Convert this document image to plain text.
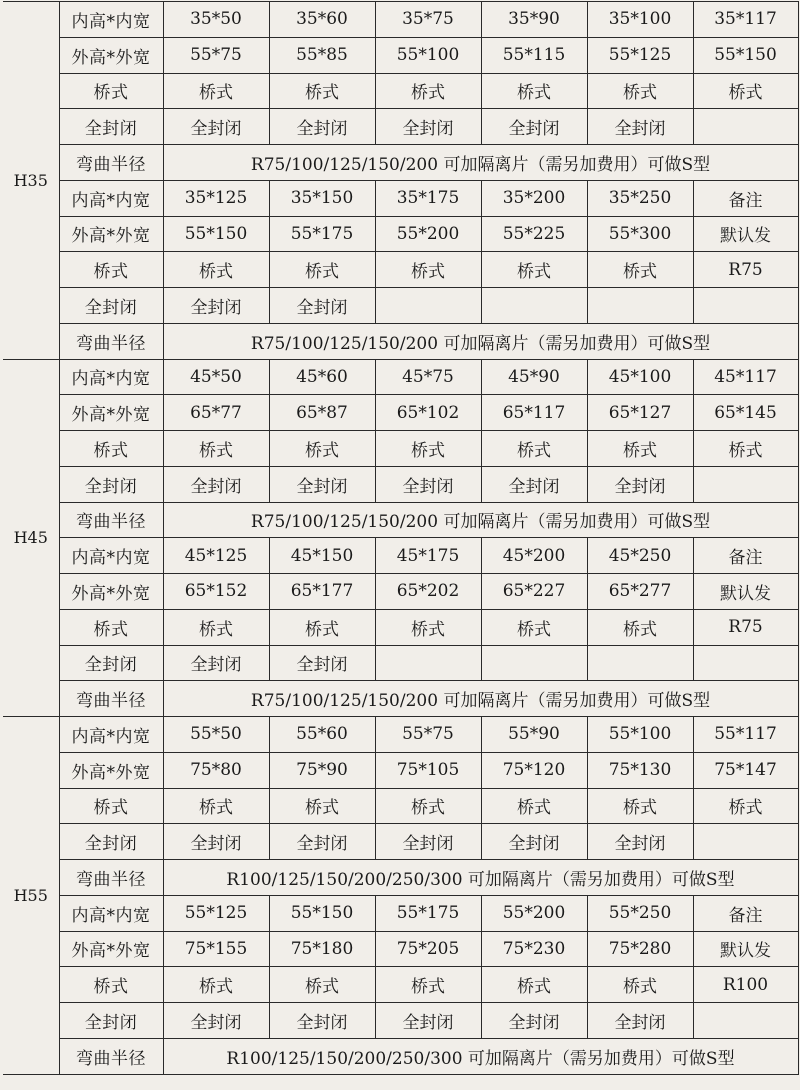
H35	内高*内宽	35*50	35*60	35*75	35*90	35*100	35*117
	外高*外宽	55*75	55*85	55*100	55*115	55*125	55*150
	桥式	桥式	桥式	桥式	桥式	桥式	桥式
	全封闭	全封闭	全封闭	全封闭	全封闭	全封闭	
	弯曲半径	R75/100/125/150/200 可加隔离片（需另加费用）可做S型					
	内高*内宽	35*125	35*150	35*175	35*200	35*250	备注
	外高*外宽	55*150	55*175	55*200	55*225	55*300	默认发
	桥式	桥式	桥式	桥式	桥式	桥式	R75
	全封闭	全封闭	全封闭				
	弯曲半径	R75/100/125/150/200 可加隔离片（需另加费用）可做S型					
H45	内高*内宽	45*50	45*60	45*75	45*90	45*100	45*117
	外高*外宽	65*77	65*87	65*102	65*117	65*127	65*145
	桥式	桥式	桥式	桥式	桥式	桥式	桥式
	全封闭	全封闭	全封闭	全封闭	全封闭	全封闭	
	弯曲半径	R75/100/125/150/200 可加隔离片（需另加费用）可做S型					
	内高*内宽	45*125	45*150	45*175	45*200	45*250	备注
	外高*外宽	65*152	65*177	65*202	65*227	65*277	默认发
	桥式	桥式	桥式	桥式	桥式	桥式	R75
	全封闭	全封闭	全封闭				
	弯曲半径	R75/100/125/150/200 可加隔离片（需另加费用）可做S型					
H55	内高*内宽	55*50	55*60	55*75	55*90	55*100	55*117
	外高*外宽	75*80	75*90	75*105	75*120	75*130	75*147
	桥式	桥式	桥式	桥式	桥式	桥式	桥式
	全封闭	全封闭	全封闭	全封闭	全封闭	全封闭	
	弯曲半径	R100/125/150/200/250/300 可加隔离片（需另加费用）可做S型					
	内高*内宽	55*125	55*150	55*175	55*200	55*250	备注
	外高*外宽	75*155	75*180	75*205	75*230	75*280	默认发
	桥式	桥式	桥式	桥式	桥式	桥式	R100
	全封闭	全封闭	全封闭	全封闭	全封闭	全封闭	
	弯曲半径	R100/125/150/200/250/300 可加隔离片（需另加费用）可做S型					
